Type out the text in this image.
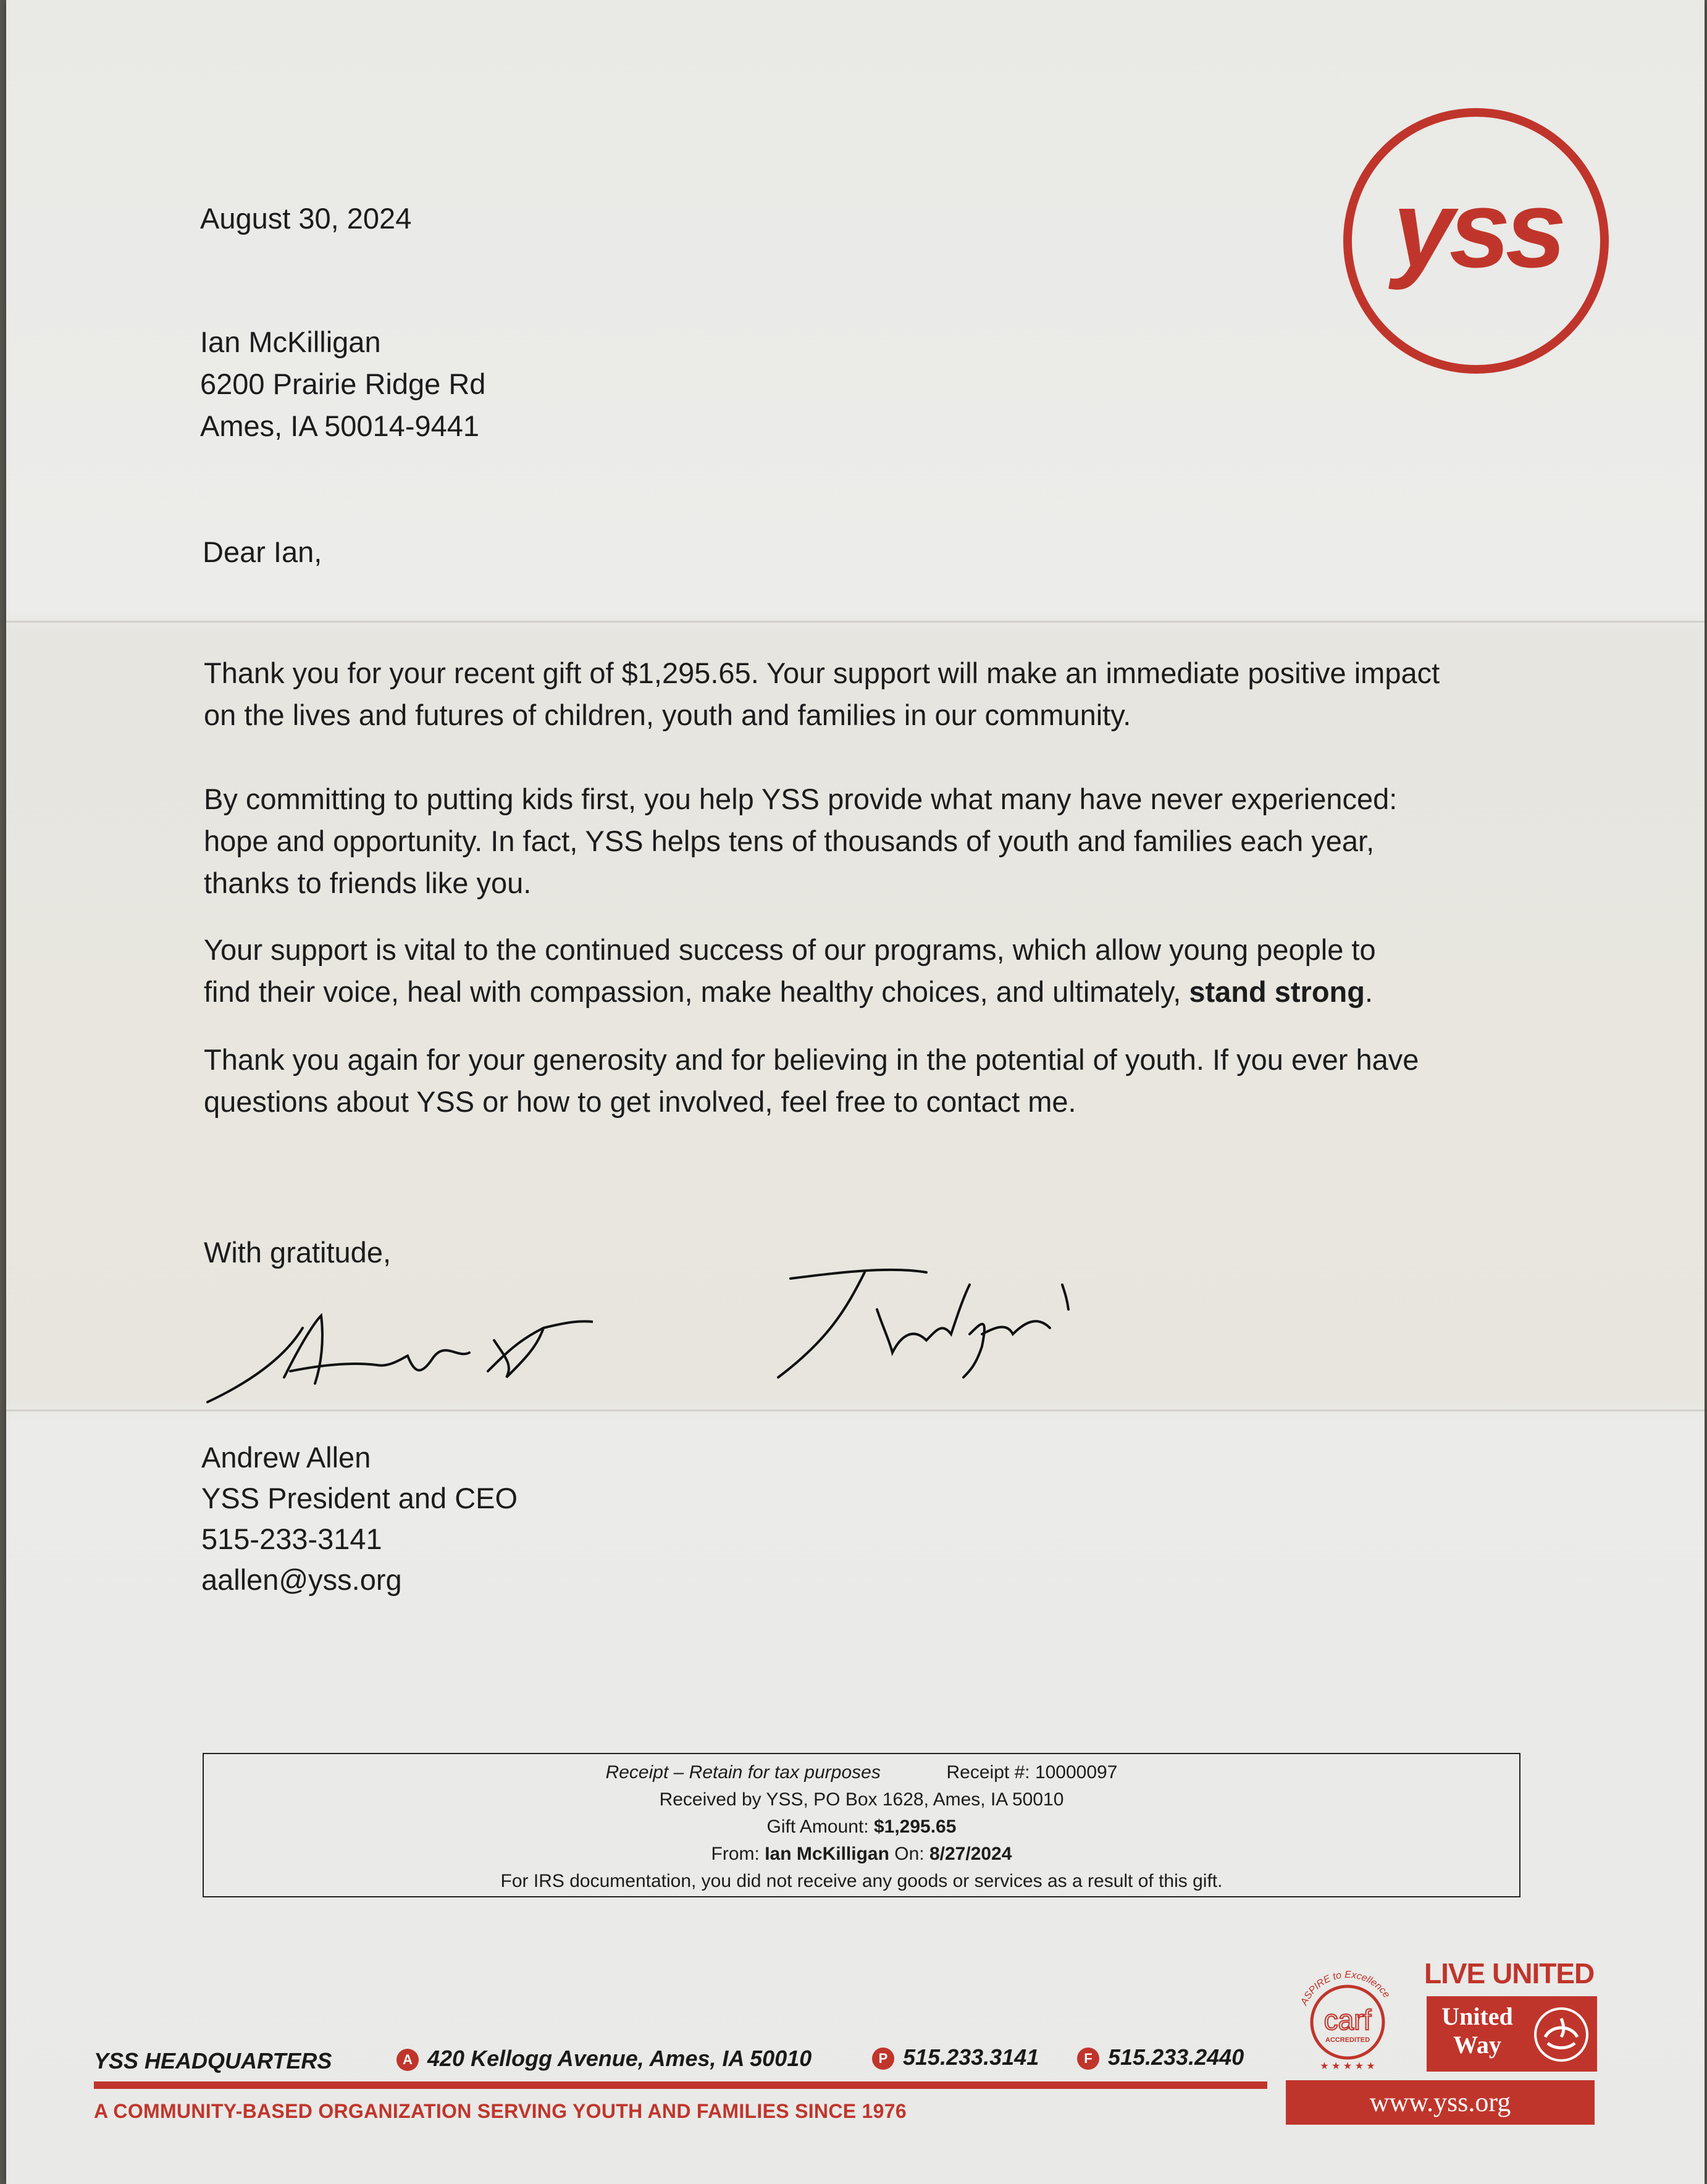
yss
August 30, 2024
Ian McKilligan
6200 Prairie Ridge Rd
Ames, IA 50014-9441
Dear Ian,
Thank you for your recent gift of $1,295.65. Your support will make an immediate positive impact
on the lives and futures of children, youth and families in our community.
By committing to putting kids first, you help YSS provide what many have never experienced:
hope and opportunity. In fact, YSS helps tens of thousands of youth and families each year,
thanks to friends like you.
Your support is vital to the continued success of our programs, which allow young people to
find their voice, heal with compassion, make healthy choices, and ultimately, stand strong.
Thank you again for your generosity and for believing in the potential of youth. If you ever have
questions about YSS or how to get involved, feel free to contact me.
With gratitude,
Andrew Allen
YSS President and CEO
515-233-3141
aallen@yss.org
Receipt – Retain for tax purposes	Receipt #: 10000097
Received by YSS, PO Box 1628, Ames, IA 50010
Gift Amount: $1,295.65
From: Ian McKilligan On: 8/27/2024
For IRS documentation, you did not receive any goods or services as a result of this gift.
ASPIRE to Excellence
carf
ACCREDITED
★ ★ ★ ★ ★
LIVE UNITED
United
Way
YSS HEADQUARTERS	A 420 Kellogg Avenue, Ames, IA 50010	P 515.233.3141	F 515.233.2440
A COMMUNITY-BASED ORGANIZATION SERVING YOUTH AND FAMILIES SINCE 1976	www.yss.org
